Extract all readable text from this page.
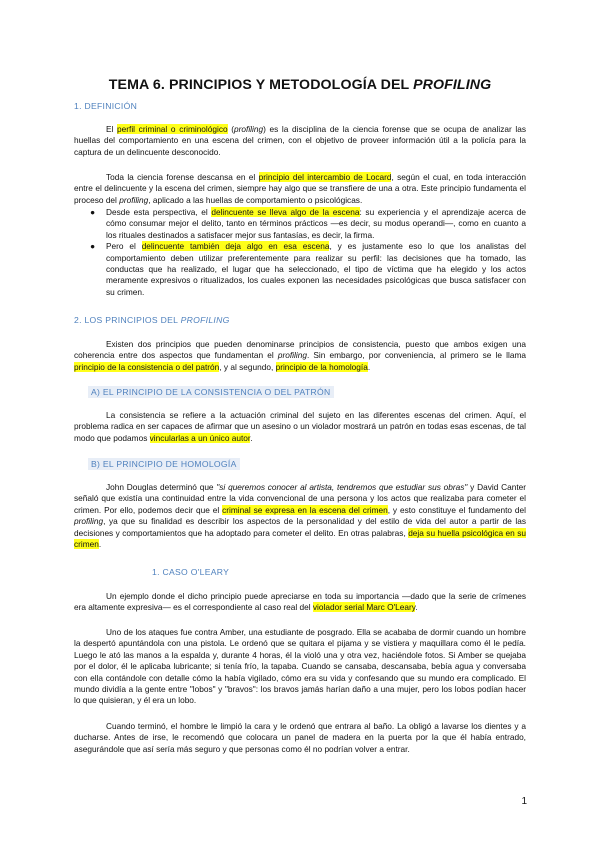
TEMA 6. PRINCIPIOS Y METODOLOGÍA DEL PROFILING
1. DEFINICIÓN

El perfil criminal o criminológico (profiling) es la disciplina de la ciencia forense que se ocupa de analizar las huellas del comportamiento en una escena del crimen, con el objetivo de proveer información útil a la policía para la captura de un delincuente desconocido.

Toda la ciencia forense descansa en el principio del intercambio de Locard, según el cual, en toda interacción entre el delincuente y la escena del crimen, siempre hay algo que se transfiere de una a otra. Este principio fundamenta el proceso del profiling, aplicado a las huellas de comportamiento o psicológicas.

● Desde esta perspectiva, el delincuente se lleva algo de la escena: su experiencia y el aprendizaje acerca de cómo consumar mejor el delito, tanto en términos prácticos —es decir, su modus operandi—, como en cuanto a los rituales destinados a satisfacer mejor sus fantasías, es decir, la firma.
● Pero el delincuente también deja algo en esa escena, y es justamente eso lo que los analistas del comportamiento deben utilizar preferentemente para realizar su perfil: las decisiones que ha tomado, las conductas que ha realizado, el lugar que ha seleccionado, el tipo de víctima que ha elegido y los actos meramente expresivos o ritualizados, los cuales exponen las necesidades psicológicas que busca satisfacer con su crimen.
2. LOS PRINCIPIOS DEL PROFILING

Existen dos principios que pueden denominarse principios de consistencia, puesto que ambos exigen una coherencia entre dos aspectos que fundamentan el profiling. Sin embargo, por conveniencia, al primero se le llama principio de la consistencia o del patrón, y al segundo, principio de la homología.

A) EL PRINCIPIO DE LA CONSISTENCIA O DEL PATRÓN

La consistencia se refiere a la actuación criminal del sujeto en las diferentes escenas del crimen. Aquí, el problema radica en ser capaces de afirmar que un asesino o un violador mostrará un patrón en todas esas escenas, de tal modo que podamos vincularlas a un único autor.

B) EL PRINCIPIO DE HOMOLOGÍA

John Douglas determinó que "si queremos conocer al artista, tendremos que estudiar sus obras" y David Canter señaló que existía una continuidad entre la vida convencional de una persona y los actos que realizaba para cometer el crimen. Por ello, podemos decir que el criminal se expresa en la escena del crimen, y esto constituye el fundamento del profiling, ya que su finalidad es describir los aspectos de la personalidad y del estilo de vida del autor a partir de las decisiones y comportamientos que ha adoptado para cometer el delito. En otras palabras, deja su huella psicológica en su crimen.

1. CASO O'LEARY

Un ejemplo donde el dicho principio puede apreciarse en toda su importancia —dado que la serie de crímenes era altamente expresiva— es el correspondiente al caso real del violador serial Marc O'Leary.

Uno de los ataques fue contra Amber, una estudiante de posgrado. Ella se acababa de dormir cuando un hombre la despertó apuntándola con una pistola. Le ordenó que se quitara el pijama y se vistiera y maquillara como él le pedía. Luego le ató las manos a la espalda y, durante 4 horas, él la violó una y otra vez, haciéndole fotos. Si Amber se quejaba por el dolor, él le aplicaba lubricante; si tenía frío, la tapaba. Cuando se cansaba, descansaba, bebía agua y conversaba con ella contándole con detalle cómo la había vigilado, cómo era su vida y confesando que su mundo era complicado. El mundo dividía a la gente entre "lobos" y "bravos": los bravos jamás harían daño a una mujer, pero los lobos podían hacer lo que quisieran, y él era un lobo.

Cuando terminó, el hombre le limpió la cara y le ordenó que entrara al baño. La obligó a lavarse los dientes y a ducharse. Antes de irse, le recomendó que colocara un panel de madera en la puerta por la que él había entrado, asegurándole que así sería más seguro y que personas como él no podrían volver a entrar.

1
